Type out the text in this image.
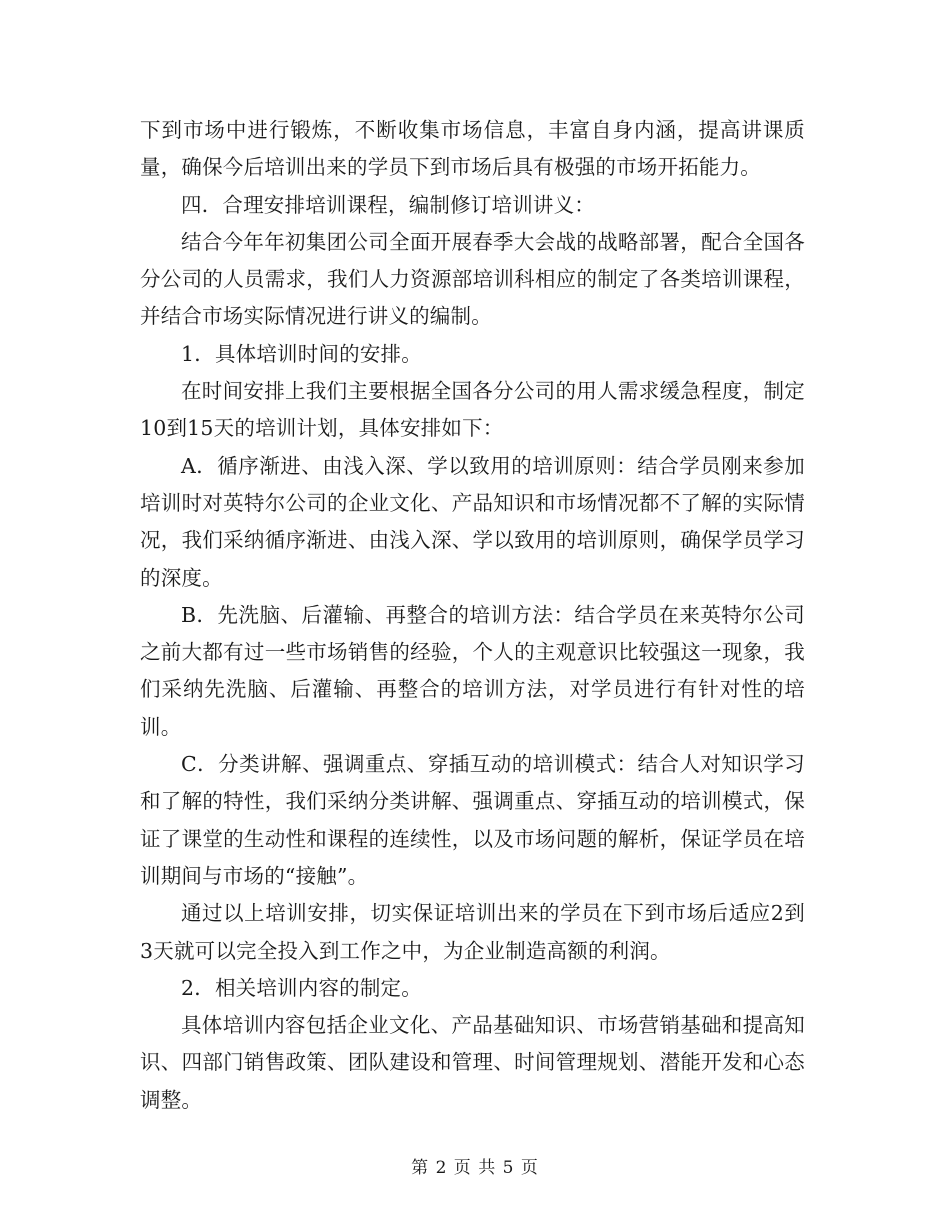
下到市场中进行锻炼，不断收集市场信息，丰富自身内涵，提高讲课质量，确保今后培训出来的学员下到市场后具有极强的市场开拓能力。

四．合理安排培训课程，编制修订培训讲义：

结合今年年初集团公司全面开展春季大会战的战略部署，配合全国各分公司的人员需求，我们人力资源部培训科相应的制定了各类培训课程，并结合市场实际情况进行讲义的编制。

1．具体培训时间的安排。

在时间安排上我们主要根据全国各分公司的用人需求缓急程度，制定10到15天的培训计划，具体安排如下：

A．循序渐进、由浅入深、学以致用的培训原则：结合学员刚来参加培训时对英特尔公司的企业文化、产品知识和市场情况都不了解的实际情况，我们采纳循序渐进、由浅入深、学以致用的培训原则，确保学员学习的深度。

B．先洗脑、后灌输、再整合的培训方法：结合学员在来英特尔公司之前大都有过一些市场销售的经验，个人的主观意识比较强这一现象，我们采纳先洗脑、后灌输、再整合的培训方法，对学员进行有针对性的培训。

C．分类讲解、强调重点、穿插互动的培训模式：结合人对知识学习和了解的特性，我们采纳分类讲解、强调重点、穿插互动的培训模式，保证了课堂的生动性和课程的连续性，以及市场问题的解析，保证学员在培训期间与市场的“接触”。

通过以上培训安排，切实保证培训出来的学员在下到市场后适应2到3天就可以完全投入到工作之中，为企业制造高额的利润。

2．相关培训内容的制定。

具体培训内容包括企业文化、产品基础知识、市场营销基础和提高知识、四部门销售政策、团队建设和管理、时间管理规划、潜能开发和心态调整。

第 2 页 共 5 页
